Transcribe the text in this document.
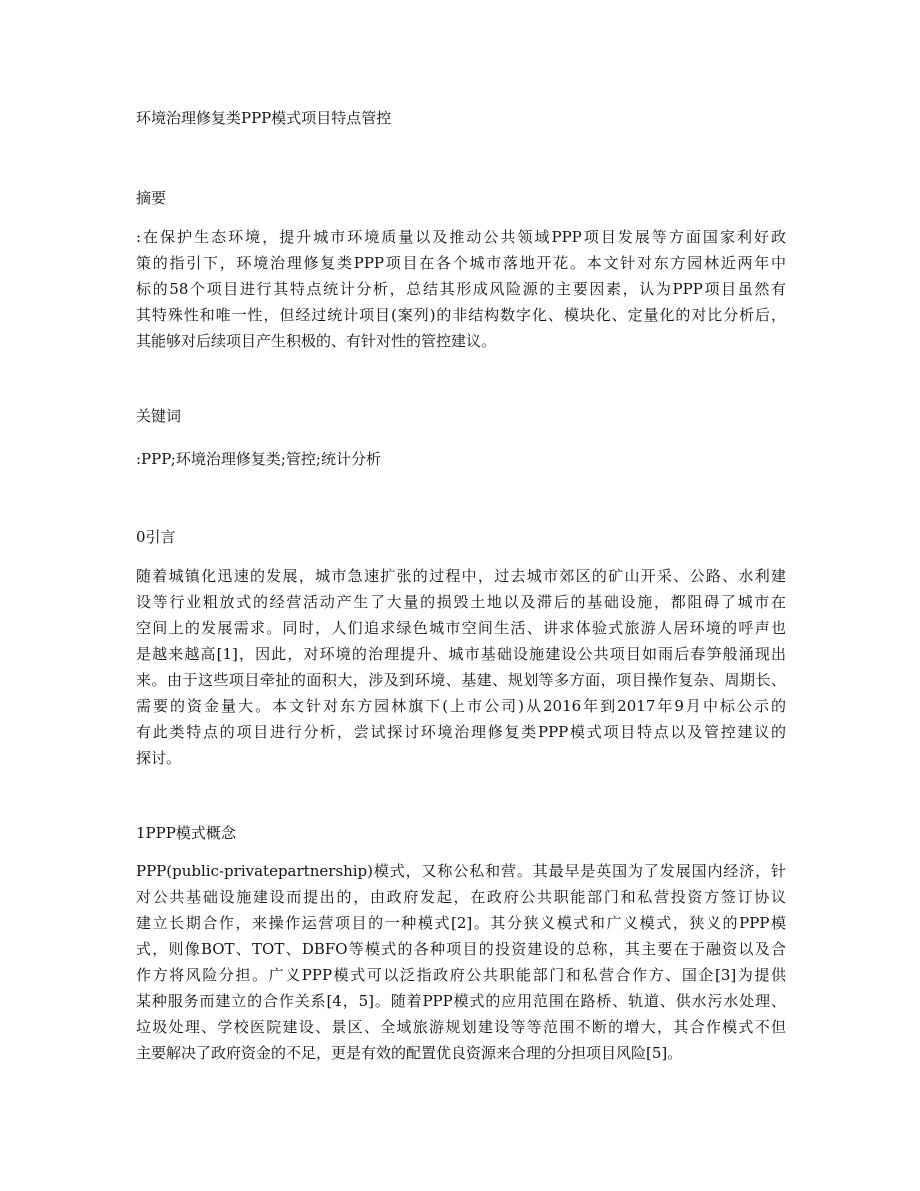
环境治理修复类PPP模式项目特点管控
摘要
:在保护生态环境，提升城市环境质量以及推动公共领域PPP项目发展等方面国家利好政
策的指引下，环境治理修复类PPP项目在各个城市落地开花。本文针对东方园林近两年中
标的58个项目进行其特点统计分析，总结其形成风险源的主要因素，认为PPP项目虽然有
其特殊性和唯一性，但经过统计项目(案列)的非结构数字化、模块化、定量化的对比分析后，
其能够对后续项目产生积极的、有针对性的管控建议。
关键词
:PPP;环境治理修复类;管控;统计分析
0引言
随着城镇化迅速的发展，城市急速扩张的过程中，过去城市郊区的矿山开采、公路、水利建
设等行业粗放式的经营活动产生了大量的损毁土地以及滞后的基础设施，都阻碍了城市在
空间上的发展需求。同时，人们追求绿色城市空间生活、讲求体验式旅游人居环境的呼声也
是越来越高[1]，因此，对环境的治理提升、城市基础设施建设公共项目如雨后春笋般涌现出
来。由于这些项目牵扯的面积大，涉及到环境、基建、规划等多方面，项目操作复杂、周期长、
需要的资金量大。本文针对东方园林旗下(上市公司)从2016年到2017年9月中标公示的
有此类特点的项目进行分析，尝试探讨环境治理修复类PPP模式项目特点以及管控建议的
探讨。
1PPP模式概念
PPP(public-privatepartnership)模式，又称公私和营。其最早是英国为了发展国内经济，针
对公共基础设施建设而提出的，由政府发起，在政府公共职能部门和私营投资方签订协议
建立长期合作，来操作运营项目的一种模式[2]。其分狭义模式和广义模式，狭义的PPP模
式，则像BOT、TOT、DBFO等模式的各种项目的投资建设的总称，其主要在于融资以及合
作方将风险分担。广义PPP模式可以泛指政府公共职能部门和私营合作方、国企[3]为提供
某种服务而建立的合作关系[4，5]。随着PPP模式的应用范围在路桥、轨道、供水污水处理、
垃圾处理、学校医院建设、景区、全域旅游规划建设等等范围不断的增大，其合作模式不但
主要解决了政府资金的不足，更是有效的配置优良资源来合理的分担项目风险[5]。
